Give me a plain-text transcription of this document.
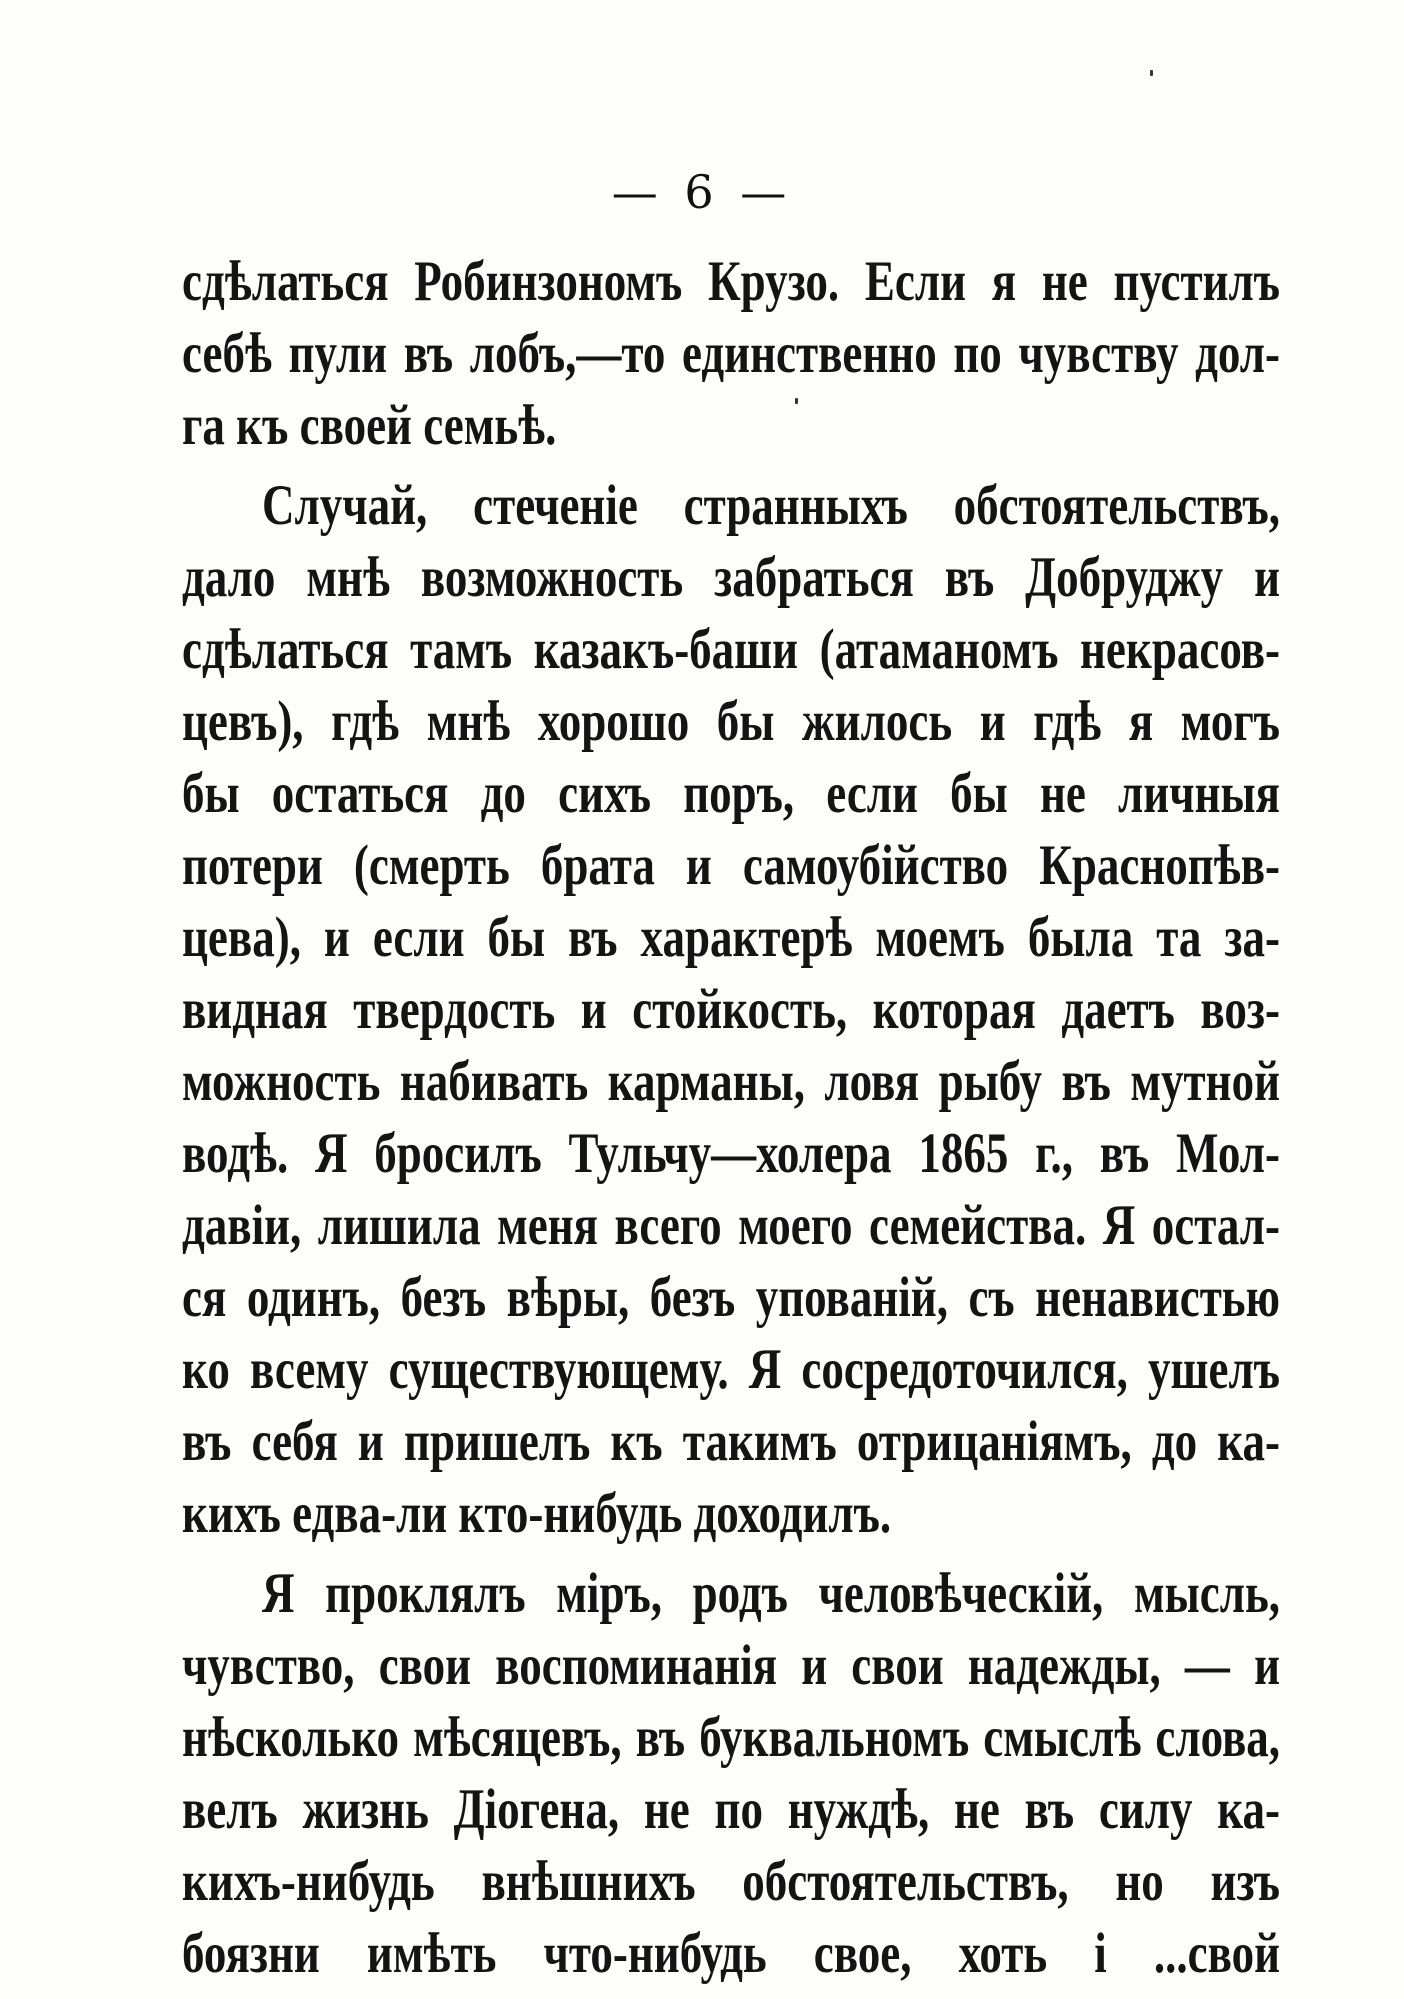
— 6 —
сдѣлаться Робинзономъ Крузо. Если я не пустилъ
себѣ пули въ лобъ,—то единственно по чувству дол-
га къ своей семьѣ.
Случай, стеченіе странныхъ обстоятельствъ,
дало мнѣ возможность забраться въ Добруджу и
сдѣлаться тамъ казакъ-баши (атаманомъ некрасов-
цевъ), гдѣ мнѣ хорошо бы жилось и гдѣ я могъ
бы остаться до сихъ поръ, если бы не личныя
потери (смерть брата и самоубійство Краснопѣв-
цева), и если бы въ характерѣ моемъ была та за-
видная твердость и стойкость, которая даетъ воз-
можность набивать карманы, ловя рыбу въ мутной
водѣ. Я бросилъ Тульчу—холера 1865 г., въ Мол-
давіи, лишила меня всего моего семейства. Я остал-
ся одинъ, безъ вѣры, безъ упованій, съ ненавистью
ко всему существующему. Я сосредоточился, ушелъ
въ себя и пришелъ къ такимъ отрицаніямъ, до ка-
кихъ едва-ли кто-нибудь доходилъ.
Я проклялъ міръ, родъ человѣческій, мысль,
чувство, свои воспоминанія и свои надежды, — и
нѣсколько мѣсяцевъ, въ буквальномъ смыслѣ слова,
велъ жизнь Діогена, не по нуждѣ, не въ силу ка-
кихъ-нибудь внѣшнихъ обстоятельствъ, но изъ
боязни имѣть что-нибудь свое, хоть і ...свой
